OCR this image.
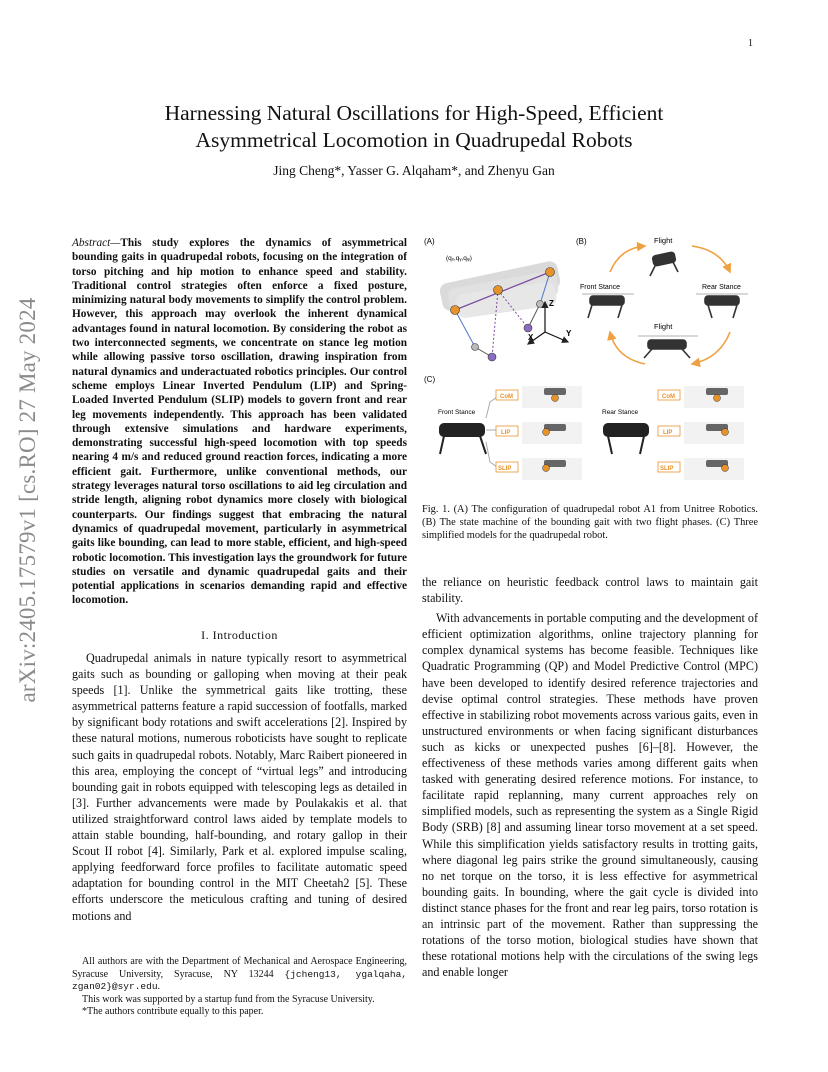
1
arXiv:2405.17579v1 [cs.RO] 27 May 2024
Harnessing Natural Oscillations for High-Speed, Efficient
Asymmetrical Locomotion in Quadrupedal Robots
Jing Cheng*, Yasser G. Alqaham*, and Zhenyu Gan
Abstract—This study explores the dynamics of asymmetrical bounding gaits in quadrupedal robots, focusing on the integration of torso pitching and hip motion to enhance speed and stability. Traditional control strategies often enforce a fixed posture, minimizing natural body movements to simplify the control problem. However, this approach may overlook the inherent dynamical advantages found in natural locomotion. By considering the robot as two interconnected segments, we concentrate on stance leg motion while allowing passive torso oscillation, drawing inspiration from natural dynamics and underactuated robotics principles. Our control scheme employs Linear Inverted Pendulum (LIP) and Spring-Loaded Inverted Pendulum (SLIP) models to govern front and rear leg movements independently. This approach has been validated through extensive simulations and hardware experiments, demonstrating successful high-speed locomotion with top speeds nearing 4 m/s and reduced ground reaction forces, indicating a more efficient gait. Furthermore, unlike conventional methods, our strategy leverages natural torso oscillations to aid leg circulation and stride length, aligning robot dynamics more closely with biological counterparts. Our findings suggest that embracing the natural dynamics of quadrupedal movement, particularly in asymmetrical gaits like bounding, can lead to more stable, efficient, and high-speed robotic locomotion. This investigation lays the groundwork for future studies on versatile and dynamic quadrupedal gaits and their potential applications in scenarios demanding rapid and effective locomotion.
I. Introduction

Quadrupedal animals in nature typically resort to asymmetrical gaits such as bounding or galloping when moving at their peak speeds [1]. Unlike the symmetrical gaits like trotting, these asymmetrical patterns feature a rapid succession of footfalls, marked by significant body rotations and swift accelerations [2]. Inspired by these natural motions, numerous roboticists have sought to replicate such gaits in quadrupedal robots. Notably, Marc Raibert pioneered in this area, employing the concept of “virtual legs” and introducing bounding gait in robots equipped with telescoping legs as detailed in [3]. Further advancements were made by Poulakakis et al. that utilized straightforward control laws aided by template models to attain stable bounding, half-bounding, and rotary gallop in their Scout II robot [4]. Similarly, Park et al. explored impulse scaling, applying feedforward force profiles to facilitate automatic speed adaptation for bounding control in the MIT Cheetah2 [5]. These efforts underscore the meticulous crafting and tuning of desired motions and

All authors are with the Department of Mechanical and Aerospace Engineering, Syracuse University, Syracuse, NY 13244 {jcheng13, ygalqaha, zgan02}@syr.edu.

This work was supported by a startup fund from the Syracuse University.

*The authors contribute equally to this paper.

(A)
(qₓ,qᵧ,qᵩ)
Z
Y
X
(B)	Flight
Front Stance	Rear Stance
Flight
(C)
Front Stance	Rear Stance
CoM
LIP
SLIP
CoM
LIP
SLIP
Fig. 1. (A) The configuration of quadrupedal robot A1 from Unitree Robotics. (B) The state machine of the bounding gait with two flight phases. (C) Three simplified models for the quadrupedal robot.

the reliance on heuristic feedback control laws to maintain gait stability.

With advancements in portable computing and the development of efficient optimization algorithms, online trajectory planning for complex dynamical systems has become feasible. Techniques like Quadratic Programming (QP) and Model Predictive Control (MPC) have been developed to identify desired reference trajectories and devise optimal control strategies. These methods have proven effective in stabilizing robot movements across various gaits, even in unstructured environments or when facing significant disturbances such as kicks or unexpected pushes [6]–[8]. However, the effectiveness of these methods varies among different gaits when tasked with generating desired reference motions. For instance, to facilitate rapid replanning, many current approaches rely on simplified models, such as representing the system as a Single Rigid Body (SRB) [8] and assuming linear torso movement at a set speed. While this simplification yields satisfactory results in trotting gaits, where diagonal leg pairs strike the ground simultaneously, causing no net torque on the torso, it is less effective for asymmetrical bounding gaits. In bounding, where the gait cycle is divided into distinct stance phases for the front and rear leg pairs, torso rotation is an intrinsic part of the movement. Rather than suppressing the rotations of the torso motion, biological studies have shown that these rotational motions help with the circulations of the swing legs and enable longer
